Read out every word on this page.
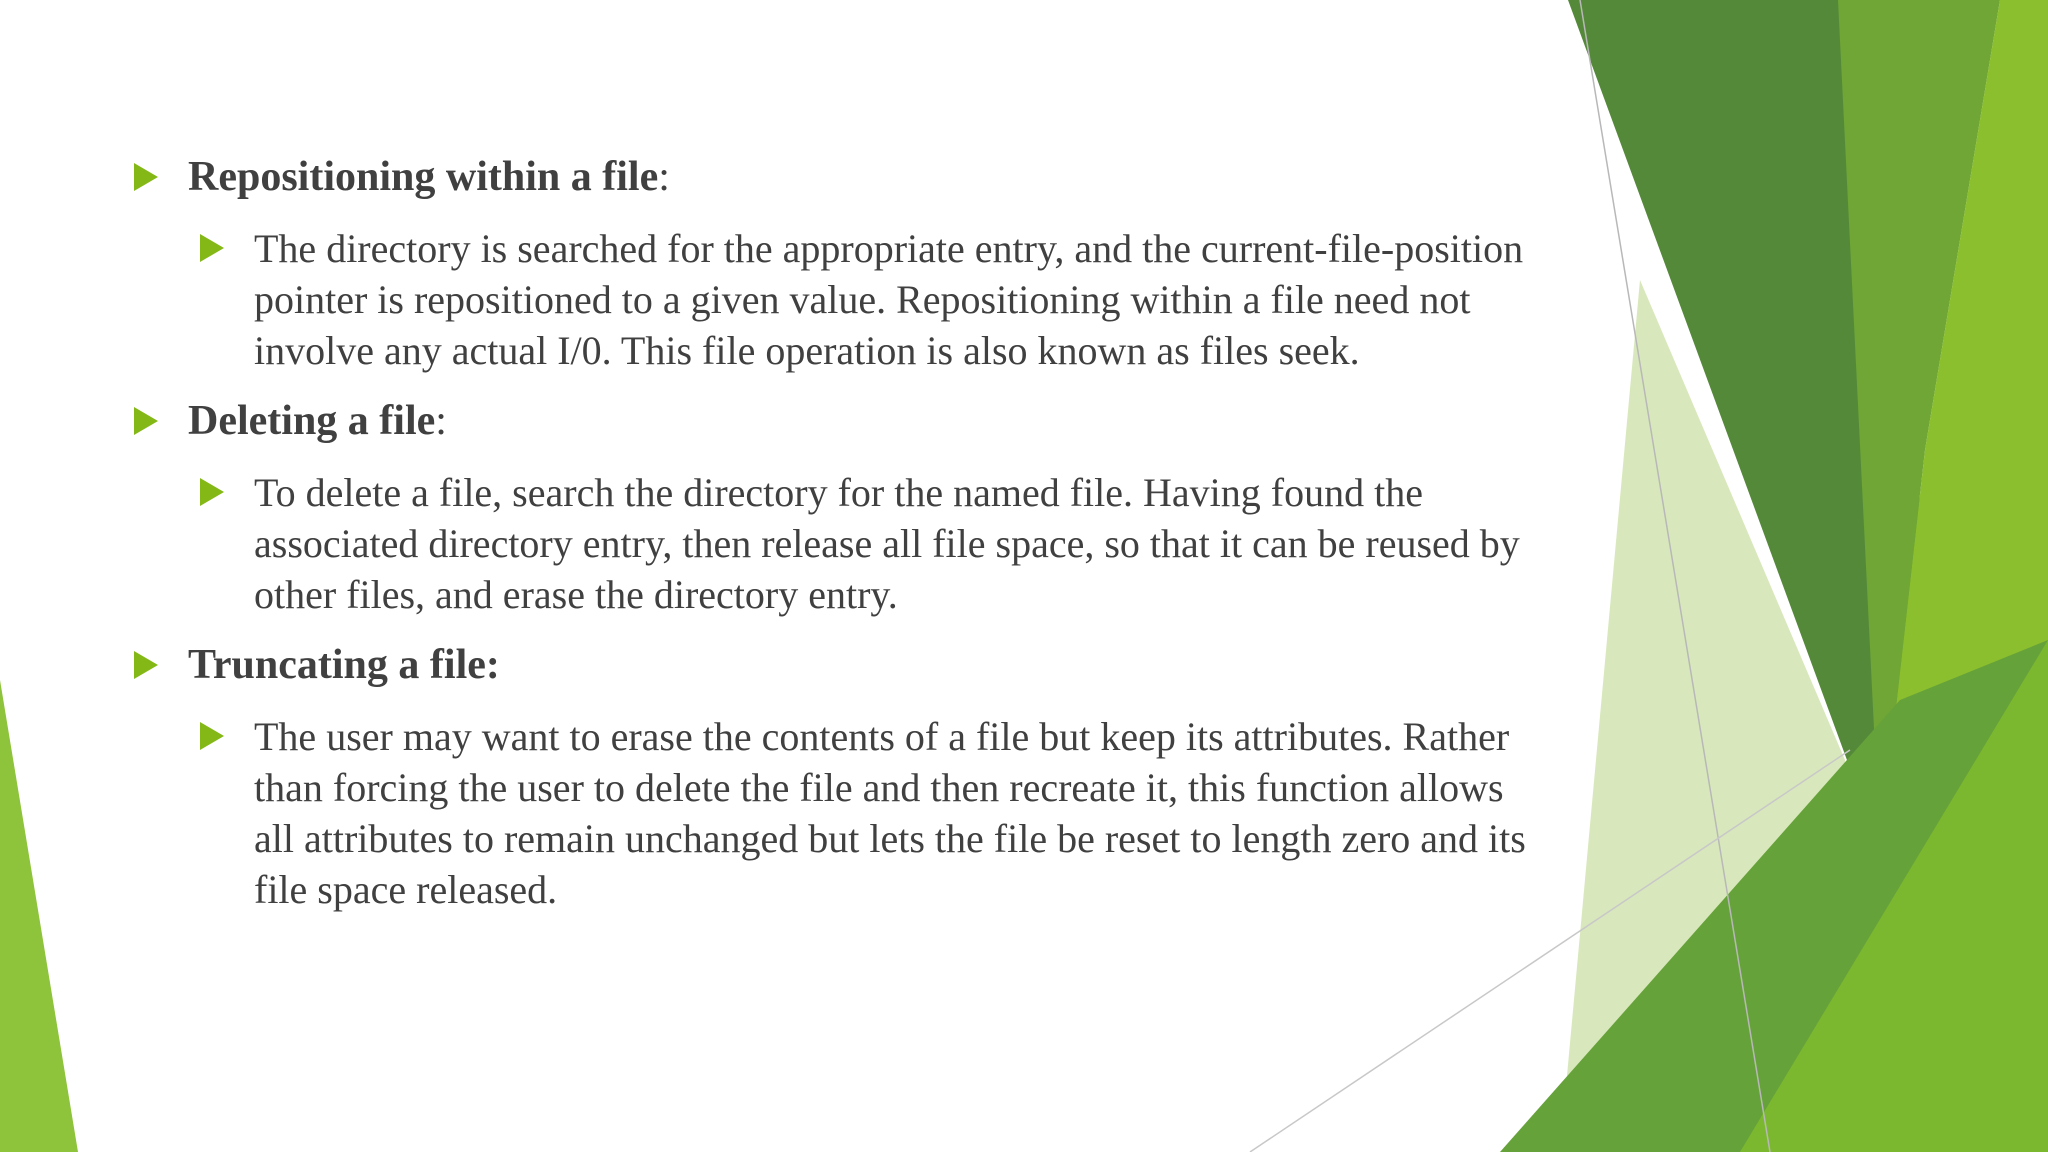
Repositioning within a file:
The directory is searched for the appropriate entry, and the current-file-position pointer is repositioned to a given value. Repositioning within a file need not involve any actual I/0. This file operation is also known as files seek.
Deleting a file:
To delete a file, search the directory for the named file. Having found the associated directory entry, then release all file space, so that it can be reused by other files, and erase the directory entry.
Truncating a file:
The user may want to erase the contents of a file but keep its attributes. Rather than forcing the user to delete the file and then recreate it, this function allows all attributes to remain unchanged but lets the file be reset to length zero and its file space released.
